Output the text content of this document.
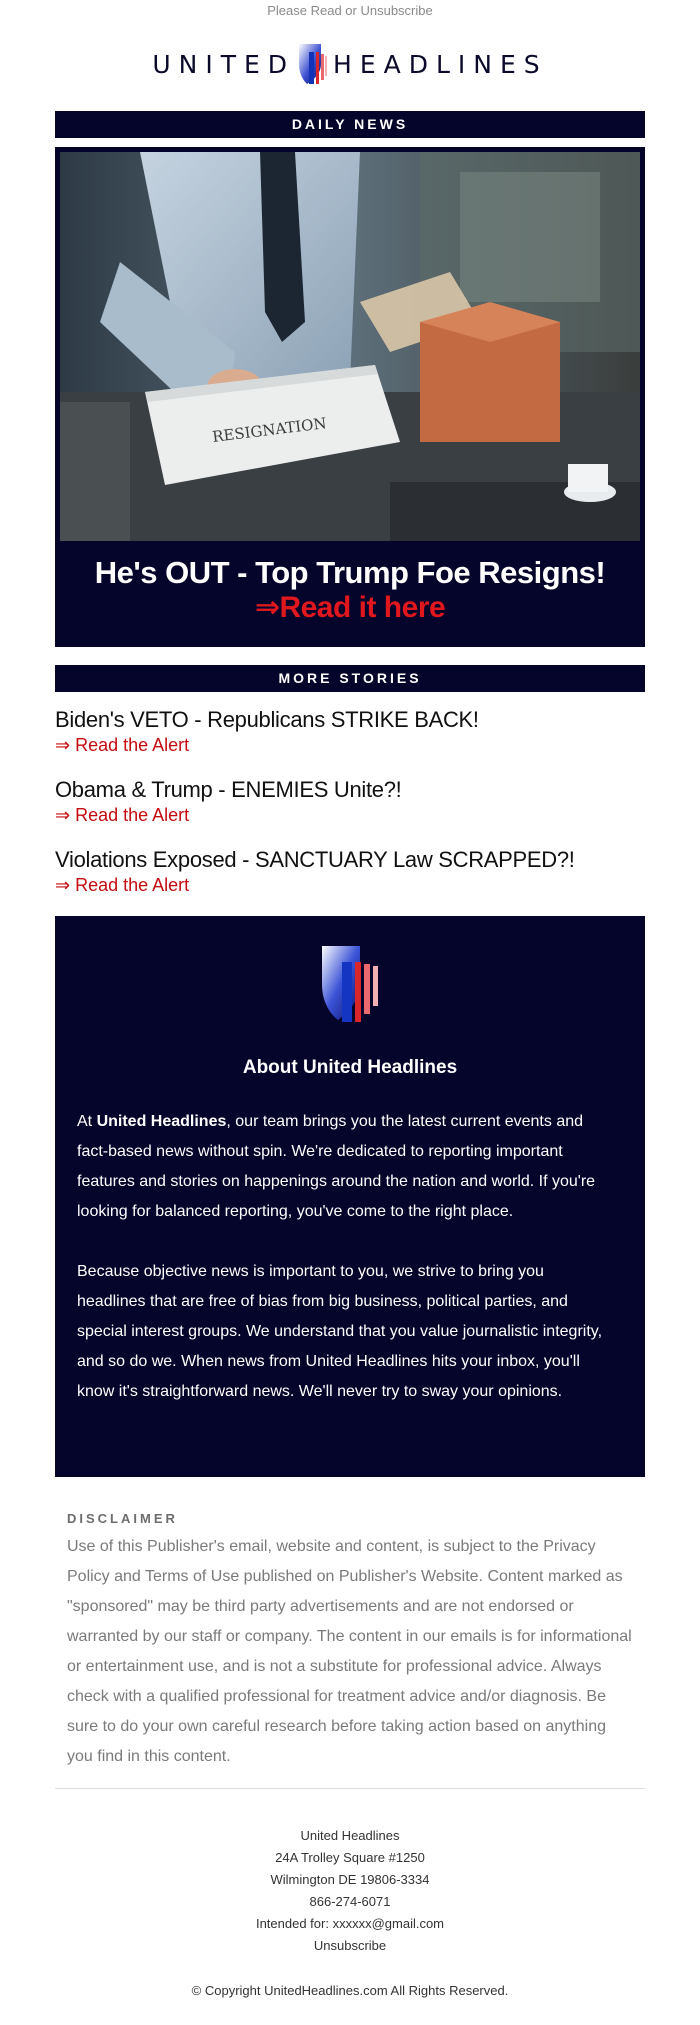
Please Read or Unsubscribe
UNITED HEADLINES
DAILY NEWS
RESIGNATION
He's OUT - Top Trump Foe Resigns!
⇒Read it here
MORE STORIES
Biden's VETO - Republicans STRIKE BACK!
⇒ Read the Alert
Obama & Trump - ENEMIES Unite?!
⇒ Read the Alert
Violations Exposed - SANCTUARY Law SCRAPPED?!
⇒ Read the Alert
About United Headlines

At United Headlines, our team brings you the latest current events and fact-based news without spin. We're dedicated to reporting important features and stories on happenings around the nation and world. If you're looking for balanced reporting, you've come to the right place.

Because objective news is important to you, we strive to bring you headlines that are free of bias from big business, political parties, and special interest groups. We understand that you value journalistic integrity, and so do we. When news from United Headlines hits your inbox, you'll know it's straightforward news. We'll never try to sway your opinions.

DISCLAIMER
Use of this Publisher's email, website and content, is subject to the Privacy Policy and Terms of Use published on Publisher's Website. Content marked as "sponsored" may be third party advertisements and are not endorsed or warranted by our staff or company. The content in our emails is for informational or entertainment use, and is not a substitute for professional advice. Always check with a qualified professional for treatment advice and/or diagnosis. Be sure to do your own careful research before taking action based on anything you find in this content.
United Headlines
24A Trolley Square #1250
Wilmington DE 19806-3334
866-274-6071
Intended for: xxxxxx@gmail.com
Unsubscribe
© Copyright UnitedHeadlines.com All Rights Reserved.
